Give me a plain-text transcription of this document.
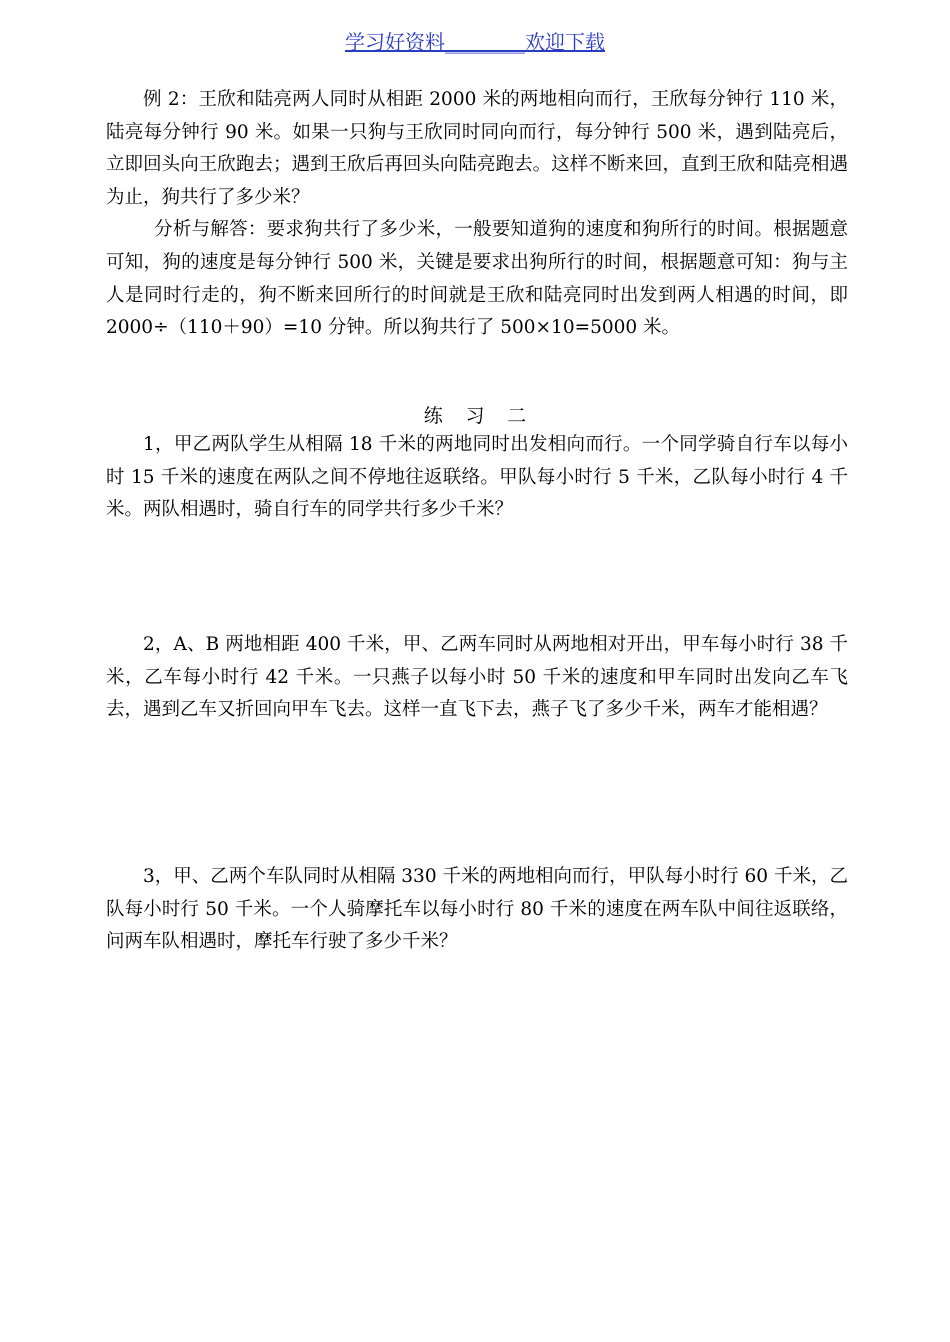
学习好资料________欢迎下载

例 2：王欣和陆亮两人同时从相距 2000 米的两地相向而行，王欣每分钟行 110 米，陆亮每分钟行 90 米。如果一只狗与王欣同时同向而行，每分钟行 500 米，遇到陆亮后，立即回头向王欣跑去；遇到王欣后再回头向陆亮跑去。这样不断来回，直到王欣和陆亮相遇为止，狗共行了多少米？

分析与解答：要求狗共行了多少米，一般要知道狗的速度和狗所行的时间。根据题意可知，狗的速度是每分钟行 500 米，关键是要求出狗所行的时间，根据题意可知：狗与主人是同时行走的，狗不断来回所行的时间就是王欣和陆亮同时出发到两人相遇的时间，即 2000÷（110＋90）=10 分钟。所以狗共行了 500×10=5000 米。

练习二

1，甲乙两队学生从相隔 18 千米的两地同时出发相向而行。一个同学骑自行车以每小时 15 千米的速度在两队之间不停地往返联络。甲队每小时行 5 千米，乙队每小时行 4 千米。两队相遇时，骑自行车的同学共行多少千米？

2，A、B 两地相距 400 千米，甲、乙两车同时从两地相对开出，甲车每小时行 38 千米，乙车每小时行 42 千米。一只燕子以每小时 50 千米的速度和甲车同时出发向乙车飞去，遇到乙车又折回向甲车飞去。这样一直飞下去，燕子飞了多少千米，两车才能相遇？

3，甲、乙两个车队同时从相隔 330 千米的两地相向而行，甲队每小时行 60 千米，乙队每小时行 50 千米。一个人骑摩托车以每小时行 80 千米的速度在两车队中间往返联络，问两车队相遇时，摩托车行驶了多少千米？
